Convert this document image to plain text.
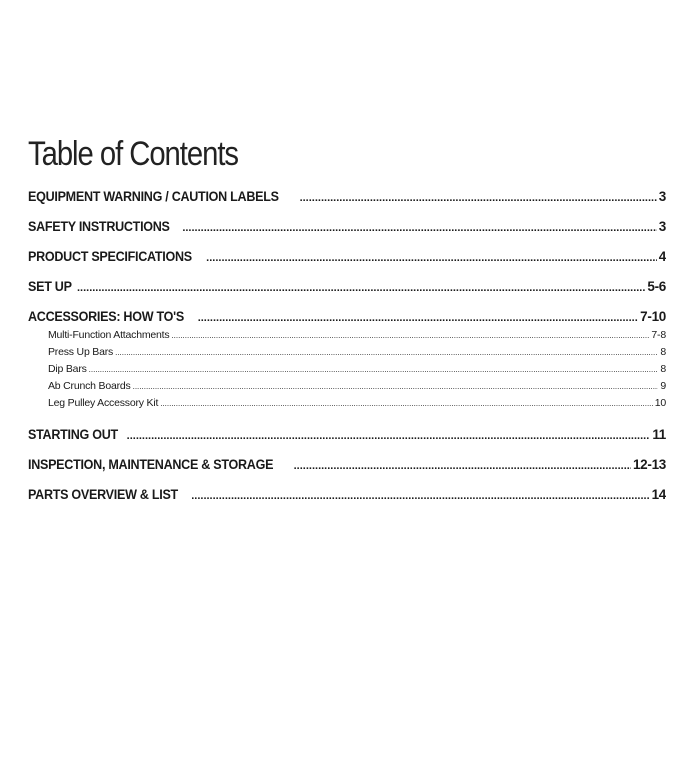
Table of Contents
EQUIPMENT WARNING / CAUTION LABELS .....	3
SAFETY INSTRUCTIONS .....	3
PRODUCT SPECIFICATIONS .....	4
SET UP .....	5-6
ACCESSORIES: HOW TO'S .....	7-10
Multi-Function Attachments .....	7-8
Press Up Bars .....	8
Dip Bars .....	8
Ab Crunch Boards .....	9
Leg Pulley Accessory Kit .....	10
STARTING OUT .....	11
INSPECTION, MAINTENANCE & STORAGE .....	12-13
PARTS OVERVIEW & LIST .....	14
